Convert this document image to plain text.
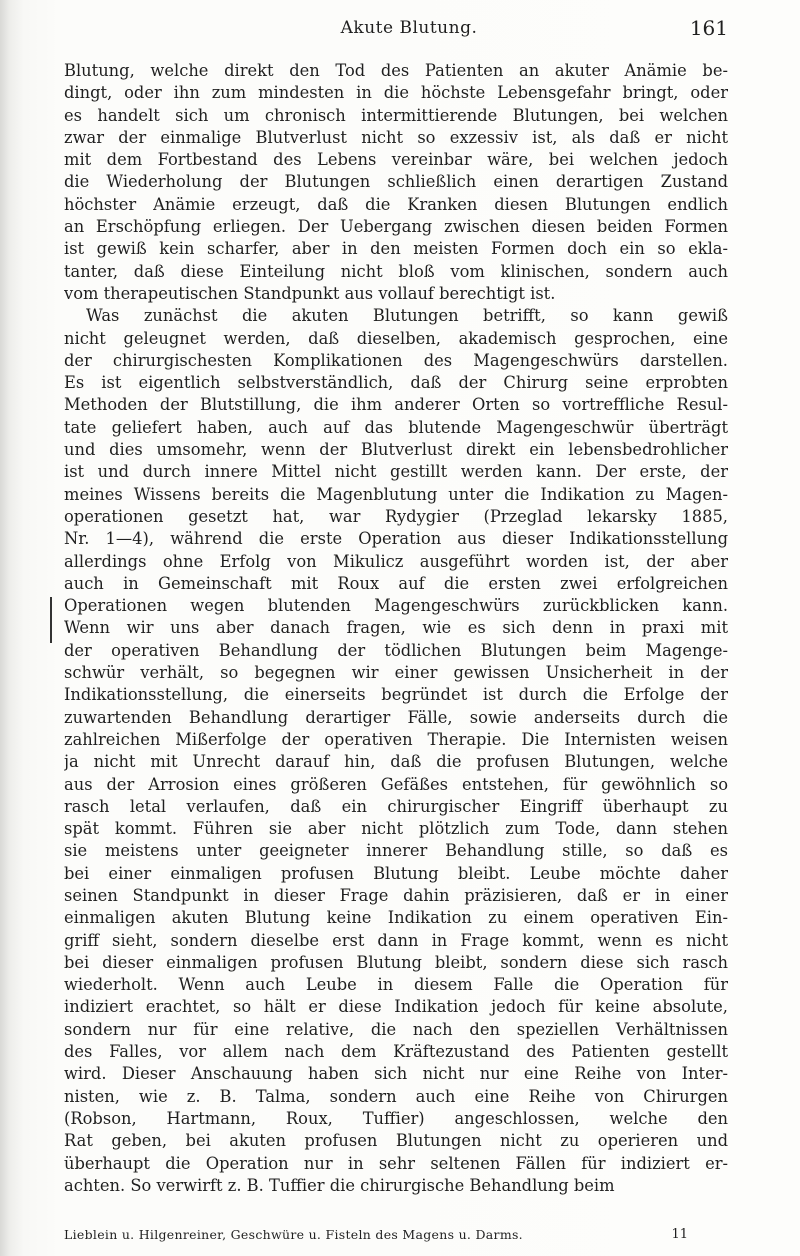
Akute Blutung.	161
Blutung, welche direkt den Tod des Patienten an akuter Anämie be-
dingt, oder ihn zum mindesten in die höchste Lebensgefahr bringt, oder
es handelt sich um chronisch intermittierende Blutungen, bei welchen
zwar der einmalige Blutverlust nicht so exzessiv ist, als daß er nicht
mit dem Fortbestand des Lebens vereinbar wäre, bei welchen jedoch
die Wiederholung der Blutungen schließlich einen derartigen Zustand
höchster Anämie erzeugt, daß die Kranken diesen Blutungen endlich
an Erschöpfung erliegen. Der Uebergang zwischen diesen beiden Formen
ist gewiß kein scharfer, aber in den meisten Formen doch ein so ekla-
tanter, daß diese Einteilung nicht bloß vom klinischen, sondern auch
vom therapeutischen Standpunkt aus vollauf berechtigt ist.
Was zunächst die akuten Blutungen betrifft, so kann gewiß
nicht geleugnet werden, daß dieselben, akademisch gesprochen, eine
der chirurgischesten Komplikationen des Magengeschwürs darstellen.
Es ist eigentlich selbstverständlich, daß der Chirurg seine erprobten
Methoden der Blutstillung, die ihm anderer Orten so vortreffliche Resul-
tate geliefert haben, auch auf das blutende Magengeschwür überträgt
und dies umsomehr, wenn der Blutverlust direkt ein lebensbedrohlicher
ist und durch innere Mittel nicht gestillt werden kann. Der erste, der
meines Wissens bereits die Magenblutung unter die Indikation zu Magen-
operationen gesetzt hat, war Rydygier (Przeglad lekarsky 1885,
Nr. 1—4), während die erste Operation aus dieser Indikationsstellung
allerdings ohne Erfolg von Mikulicz ausgeführt worden ist, der aber
auch in Gemeinschaft mit Roux auf die ersten zwei erfolgreichen
Operationen wegen blutenden Magengeschwürs zurückblicken kann.
Wenn wir uns aber danach fragen, wie es sich denn in praxi mit
der operativen Behandlung der tödlichen Blutungen beim Magenge-
schwür verhält, so begegnen wir einer gewissen Unsicherheit in der
Indikationsstellung, die einerseits begründet ist durch die Erfolge der
zuwartenden Behandlung derartiger Fälle, sowie anderseits durch die
zahlreichen Mißerfolge der operativen Therapie. Die Internisten weisen
ja nicht mit Unrecht darauf hin, daß die profusen Blutungen, welche
aus der Arrosion eines größeren Gefäßes entstehen, für gewöhnlich so
rasch letal verlaufen, daß ein chirurgischer Eingriff überhaupt zu
spät kommt. Führen sie aber nicht plötzlich zum Tode, dann stehen
sie meistens unter geeigneter innerer Behandlung stille, so daß es
bei einer einmaligen profusen Blutung bleibt. Leube möchte daher
seinen Standpunkt in dieser Frage dahin präzisieren, daß er in einer
einmaligen akuten Blutung keine Indikation zu einem operativen Ein-
griff sieht, sondern dieselbe erst dann in Frage kommt, wenn es nicht
bei dieser einmaligen profusen Blutung bleibt, sondern diese sich rasch
wiederholt. Wenn auch Leube in diesem Falle die Operation für
indiziert erachtet, so hält er diese Indikation jedoch für keine absolute,
sondern nur für eine relative, die nach den speziellen Verhältnissen
des Falles, vor allem nach dem Kräftezustand des Patienten gestellt
wird. Dieser Anschauung haben sich nicht nur eine Reihe von Inter-
nisten, wie z. B. Talma, sondern auch eine Reihe von Chirurgen
(Robson, Hartmann, Roux, Tuffier) angeschlossen, welche den
Rat geben, bei akuten profusen Blutungen nicht zu operieren und
überhaupt die Operation nur in sehr seltenen Fällen für indiziert er-
achten. So verwirft z. B. Tuffier die chirurgische Behandlung beim
Lieblein u. Hilgenreiner, Geschwüre u. Fisteln des Magens u. Darms.	11
